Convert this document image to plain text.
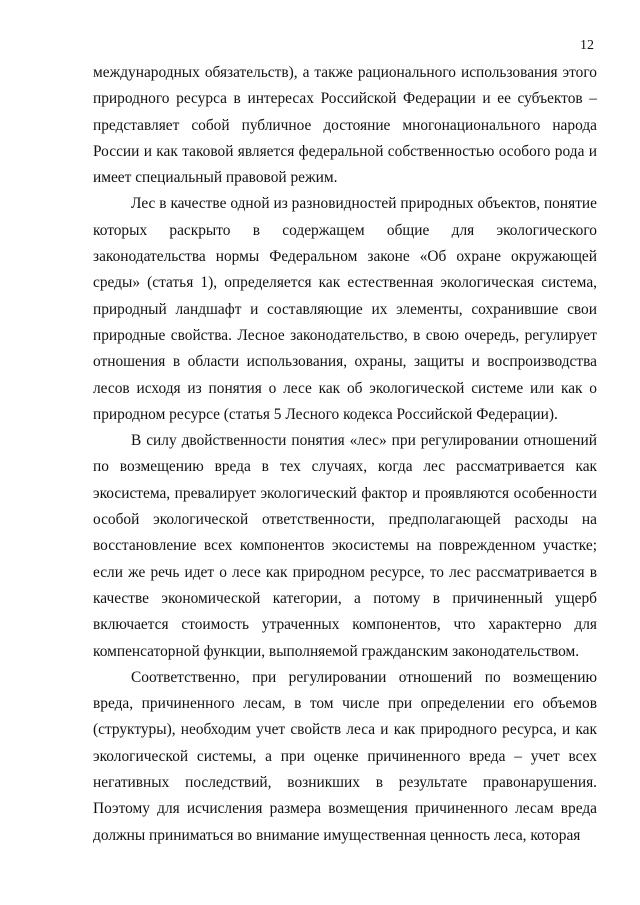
12

международных обязательств), а также рационального использования этого природного ресурса в интересах Российской Федерации и ее субъектов – представляет собой публичное достояние многонационального народа России и как таковой является федеральной собственностью особого рода и имеет специальный правовой режим.

Лес в качестве одной из разновидностей природных объектов, понятие которых раскрыто в содержащем общие для экологического законодательства нормы Федеральном законе «Об охране окружающей среды» (статья 1), определяется как естественная экологическая система, природный ландшафт и составляющие их элементы, сохранившие свои природные свойства. Лесное законодательство, в свою очередь, регулирует отношения в области использования, охраны, защиты и воспроизводства лесов исходя из понятия о лесе как об экологической системе или как о природном ресурсе (статья 5 Лесного кодекса Российской Федерации).

В силу двойственности понятия «лес» при регулировании отношений по возмещению вреда в тех случаях, когда лес рассматривается как экосистема, превалирует экологический фактор и проявляются особенности особой экологической ответственности, предполагающей расходы на восстановление всех компонентов экосистемы на поврежденном участке; если же речь идет о лесе как природном ресурсе, то лес рассматривается в качестве экономической категории, а потому в причиненный ущерб включается стоимость утраченных компонентов, что характерно для компенсаторной функции, выполняемой гражданским законодательством.

Соответственно, при регулировании отношений по возмещению вреда, причиненного лесам, в том числе при определении его объемов (структуры), необходим учет свойств леса и как природного ресурса, и как экологической системы, а при оценке причиненного вреда – учет всех негативных последствий, возникших в результате правонарушения. Поэтому для исчисления размера возмещения причиненного лесам вреда должны приниматься во внимание имущественная ценность леса, которая
